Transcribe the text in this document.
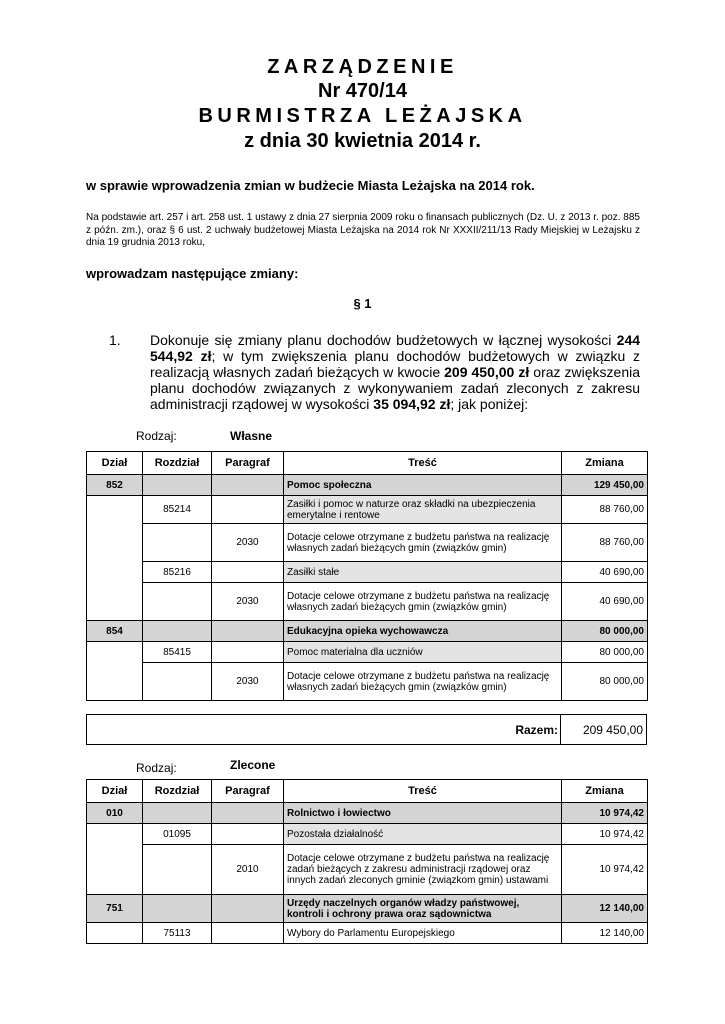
ZARZĄDZENIE
Nr 470/14
BURMISTRZA LEŻAJSKA
z dnia 30 kwietnia 2014 r.
w sprawie wprowadzenia zmian w budżecie Miasta Leżajska na 2014 rok.
Na podstawie art. 257 i art. 258 ust. 1 ustawy z dnia 27 sierpnia 2009 roku o finansach publicznych (Dz. U. z 2013 r. poz. 885 z późn. zm.), oraz § 6 ust. 2 uchwały budżetowej Miasta Leżajska na 2014 rok Nr XXXII/211/13 Rady Miejskiej w Leżajsku z dnia 19 grudnia 2013 roku,
wprowadzam następujące zmiany:
§ 1
1. Dokonuje się zmiany planu dochodów budżetowych w łącznej wysokości 244 544,92 zł; w tym zwiększenia planu dochodów budżetowych w związku z realizacją własnych zadań bieżących w kwocie 209 450,00 zł oraz zwiększenia planu dochodów związanych z wykonywaniem zadań zleconych z zakresu administracji rządowej w wysokości 35 094,92 zł; jak poniżej:
Rodzaj:	Własne
Dział	Rozdział	Paragraf	Treść	Zmiana
852			Pomoc społeczna	129 450,00
	85214		Zasiłki i pomoc w naturze oraz składki na ubezpieczenia emerytalne i rentowe	88 760,00
		2030	Dotacje celowe otrzymane z budżetu państwa na realizację własnych zadań bieżących gmin (związków gmin)	88 760,00
	85216		Zasiłki stałe	40 690,00
		2030	Dotacje celowe otrzymane z budżetu państwa na realizację własnych zadań bieżących gmin (związków gmin)	40 690,00
854			Edukacyjna opieka wychowawcza	80 000,00
	85415		Pomoc materialna dla uczniów	80 000,00
		2030	Dotacje celowe otrzymane z budżetu państwa na realizację własnych zadań bieżących gmin (związków gmin)	80 000,00
Razem: 209 450,00
Rodzaj:	Zlecone
Dział	Rozdział	Paragraf	Treść	Zmiana
010			Rolnictwo i łowiectwo	10 974,42
	01095		Pozostała działalność	10 974,42
		2010	Dotacje celowe otrzymane z budżetu państwa na realizację zadań bieżących z zakresu administracji rządowej oraz innych zadań zleconych gminie (związkom gmin) ustawami	10 974,42
751			Urzędy naczelnych organów władzy państwowej, kontroli i ochrony prawa oraz sądownictwa	12 140,00
	75113		Wybory do Parlamentu Europejskiego	12 140,00
